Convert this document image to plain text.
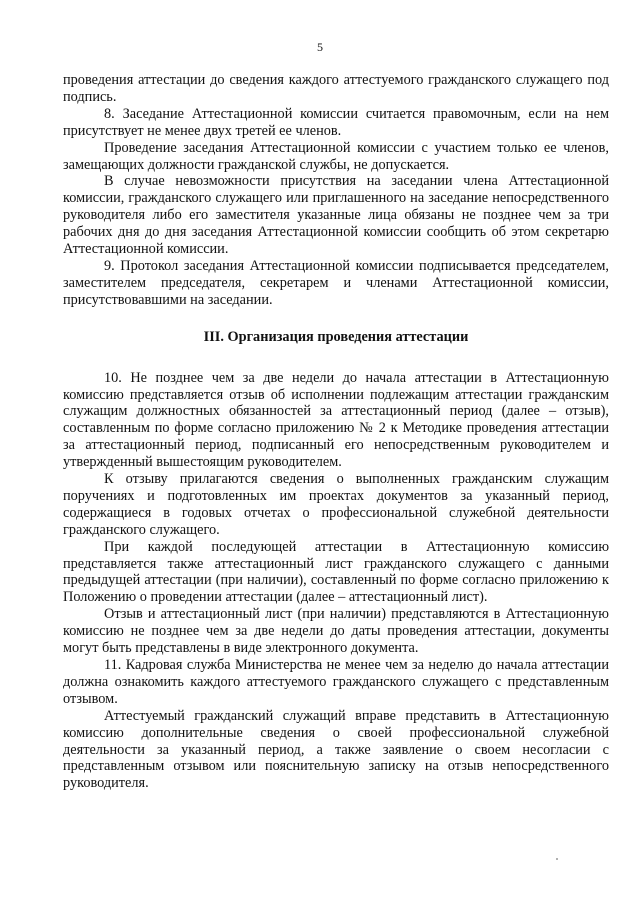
5

проведения аттестации до сведения каждого аттестуемого гражданского служащего под подпись.

8. Заседание Аттестационной комиссии считается правомочным, если на нем присутствует не менее двух третей ее членов.

Проведение заседания Аттестационной комиссии с участием только ее членов, замещающих должности гражданской службы, не допускается.

В случае невозможности присутствия на заседании члена Аттестационной комиссии, гражданского служащего или приглашенного на заседание непосредственного руководителя либо его заместителя указанные лица обязаны не позднее чем за три рабочих дня до дня заседания Аттестационной комиссии сообщить об этом секретарю Аттестационной комиссии.

9. Протокол заседания Аттестационной комиссии подписывается председателем, заместителем председателя, секретарем и членами Аттестационной комиссии, присутствовавшими на заседании.

III. Организация проведения аттестации

10. Не позднее чем за две недели до начала аттестации в Аттестационную комиссию представляется отзыв об исполнении подлежащим аттестации гражданским служащим должностных обязанностей за аттестационный период (далее – отзыв), составленным по форме согласно приложению № 2 к Методике проведения аттестации за аттестационный период, подписанный его непосредственным руководителем и утвержденный вышестоящим руководителем.

К отзыву прилагаются сведения о выполненных гражданским служащим поручениях и подготовленных им проектах документов за указанный период, содержащиеся в годовых отчетах о профессиональной служебной деятельности гражданского служащего.

При каждой последующей аттестации в Аттестационную комиссию представляется также аттестационный лист гражданского служащего с данными предыдущей аттестации (при наличии), составленный по форме согласно приложению к Положению о проведении аттестации (далее – аттестационный лист).

Отзыв и аттестационный лист (при наличии) представляются в Аттестационную комиссию не позднее чем за две недели до даты проведения аттестации, документы могут быть представлены в виде электронного документа.

11. Кадровая служба Министерства не менее чем за неделю до начала аттестации должна ознакомить каждого аттестуемого гражданского служащего с представленным отзывом.

Аттестуемый гражданский служащий вправе представить в Аттестационную комиссию дополнительные сведения о своей профессиональной служебной деятельности за указанный период, а также заявление о своем несогласии с представленным отзывом или пояснительную записку на отзыв непосредственного руководителя.
